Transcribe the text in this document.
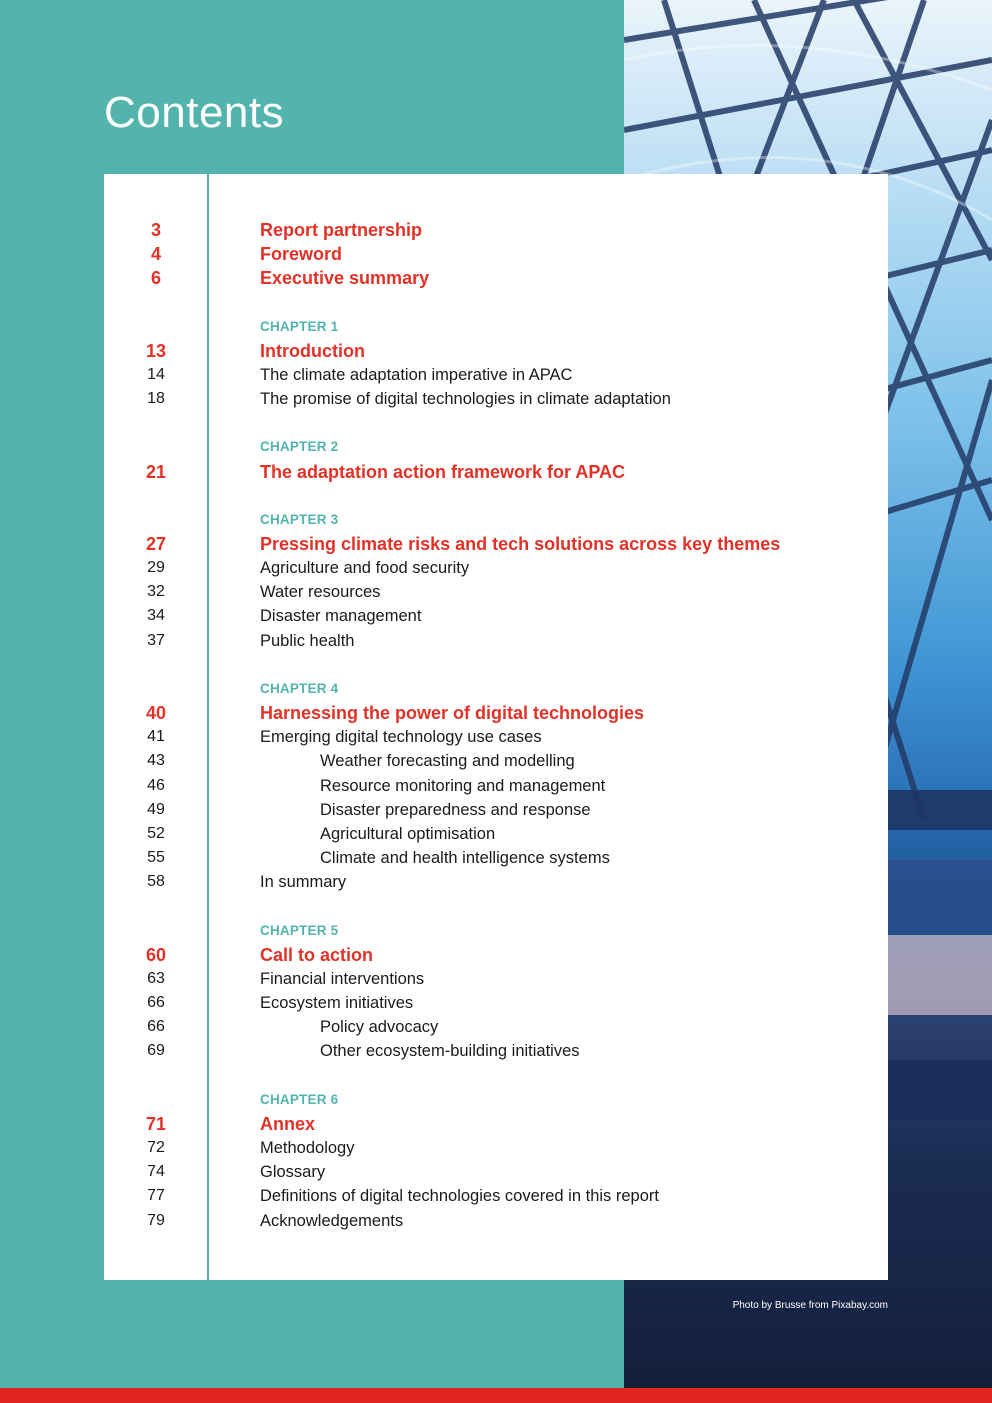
Contents
3	Report partnership
4	Foreword
6	Executive summary
CHAPTER 1
13	Introduction
14	The climate adaptation imperative in APAC
18	The promise of digital technologies in climate adaptation
CHAPTER 2
21	The adaptation action framework for APAC
CHAPTER 3
27	Pressing climate risks and tech solutions across key themes
29	Agriculture and food security
32	Water resources
34	Disaster management
37	Public health
CHAPTER 4
40	Harnessing the power of digital technologies
41	Emerging digital technology use cases
43	Weather forecasting and modelling
46	Resource monitoring and management
49	Disaster preparedness and response
52	Agricultural optimisation
55	Climate and health intelligence systems
58	In summary
CHAPTER 5
60	Call to action
63	Financial interventions
66	Ecosystem initiatives
66	Policy advocacy
69	Other ecosystem-building initiatives
CHAPTER 6
71	Annex
72	Methodology
74	Glossary
77	Definitions of digital technologies covered in this report
79	Acknowledgements
Photo by Brusse from Pixabay.com
